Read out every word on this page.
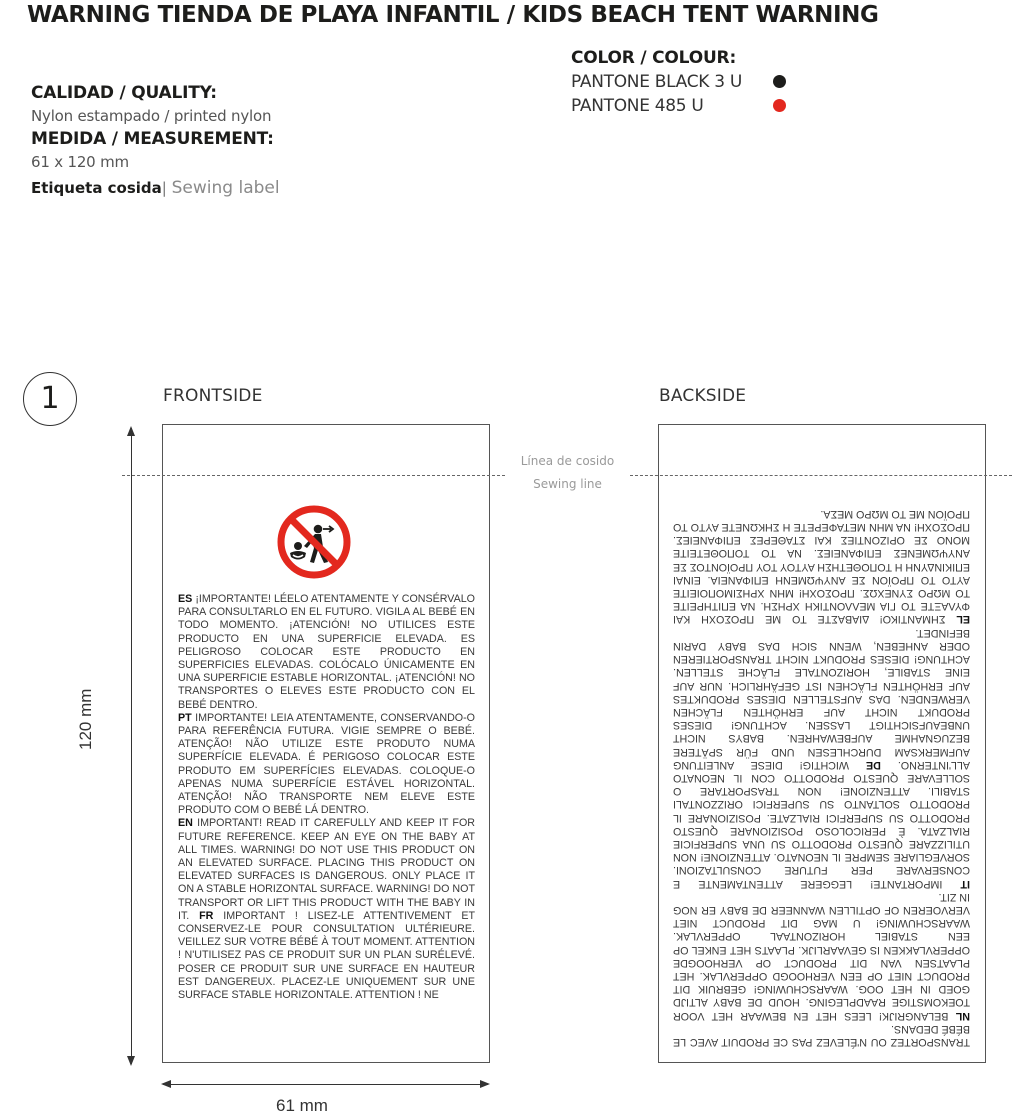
WARNING TIENDA DE PLAYA INFANTIL / KIDS BEACH TENT WARNING
CALIDAD / QUALITY:
Nylon estampado / printed nylon
MEDIDA / MEASUREMENT:
61 x 120 mm
Etiqueta cosida| Sewing label
COLOR / COLOUR:
PANTONE BLACK 3 U
PANTONE 485 U
1	FRONTSIDE	BACKSIDE
ES ¡IMPORTANTE! LÉELO ATENTAMENTE Y CONSÉRVALO PARA CONSULTARLO EN EL FUTURO. VIGILA AL BEBÉ EN TODO MOMENTO. ¡ATENCIÓN! NO UTILICES ESTE PRODUCTO EN UNA SUPERFICIE ELEVADA. ES PELIGROSO COLOCAR ESTE PRODUCTO EN SUPERFICIES ELEVADAS. COLÓCALO ÚNICAMENTE EN UNA SUPERFICIE ESTABLE HORIZONTAL. ¡ATENCIÓN! NO TRANSPORTES O ELEVES ESTE PRODUCTO CON EL BEBÉ DENTRO.
PT IMPORTANTE! LEIA ATENTAMENTE, CONSERVANDO-O PARA REFERÊNCIA FUTURA. VIGIE SEMPRE O BEBÉ. ATENÇÃO! NÃO UTILIZE ESTE PRODUTO NUMA SUPERFÍCIE ELEVADA. É PERIGOSO COLOCAR ESTE PRODUTO EM SUPERFÍCIES ELEVADAS. COLOQUE-O APENAS NUMA SUPERFÍCIE ESTÁVEL HORIZONTAL. ATENÇÃO! NÃO TRANSPORTE NEM ELEVE ESTE PRODUTO COM O BEBÉ LÁ DENTRO.
EN IMPORTANT! READ IT CAREFULLY AND KEEP IT FOR FUTURE REFERENCE. KEEP AN EYE ON THE BABY AT ALL TIMES. WARNING! DO NOT USE THIS PRODUCT ON AN ELEVATED SURFACE. PLACING THIS PRODUCT ON ELEVATED SURFACES IS DANGEROUS. ONLY PLACE IT ON A STABLE HORIZONTAL SURFACE. WARNING! DO NOT TRANSPORT OR LIFT THIS PRODUCT WITH THE BABY IN IT. FR IMPORTANT ! LISEZ-LE ATTENTIVEMENT ET CONSERVEZ-LE POUR CONSULTATION ULTÉRIEURE. VEILLEZ SUR VOTRE BÉBÉ À TOUT MOMENT. ATTENTION ! N'UTILISEZ PAS CE PRODUIT SUR UN PLAN SURÉLEVÉ. POSER CE PRODUIT SUR UNE SURFACE EN HAUTEUR EST DANGEREUX. PLACEZ-LE UNIQUEMENT SUR UNE SURFACE STABLE HORIZONTALE. ATTENTION ! NE
TRANSPORTEZ OU N'ÉLEVEZ PAS CE PRODUIT AVEC LE BÉBÉ DEDANS.
NL BELANGRIJK! LEES HET EN BEWAAR HET VOOR TOEKOMSTIGE RAADPLEGING. HOUD DE BABY ALTIJD GOED IN HET OOG. WAARSCHUWING! GEBRUIK DIT PRODUCT NIET OP EEN VERHOOGD OPPERVLAK. HET PLAATSEN VAN DIT PRODUCT OP VERHOOGDE OPPERVLAKKEN IS GEVAARLIJK. PLAATS HET ENKEL OP EEN STABIEL HORIZONTAAL OPPERVLAK. WAARSCHUWING! U MAG DIT PRODUCT NIET VERVOEREN OF OPTILLEN WANNEER DE BABY ER NOG IN ZIT.
IT IMPORTANTE! LEGGERE ATTENTAMENTE E CONSERVARE PER FUTURE CONSULTAZIONI. SORVEGLIARE SEMPRE IL NEONATO. ATTENZIONE! NON UTILIZZARE QUESTO PRODOTTO SU UNA SUPERFICIE RIALZATA. È PERICOLOSO POSIZIONARE QUESTO PRODOTTO SU SUPERFICI RIALZATE. POSIZIONARE IL PRODOTTO SOLTANTO SU SUPERFICI ORIZZONTALI STABILI. ATTENZIONE! NON TRASPORTARE O SOLLEVARE QUESTO PRODOTTO CON IL NEONATO ALL'INTERNO. DE WICHTIG! DIESE ANLEITUNG AUFMERKSAM DURCHLESEN UND FÜR SPÄTERE BEZUGNAHME AUFBEWAHREN. BABYS NICHT UNBEAUFSICHTIGT LASSEN. ACHTUNG! DIESES PRODUKT NICHT AUF ERHÖHTEN FLÄCHEN VERWENDEN. DAS AUFSTELLEN DIESES PRODUKTES AUF ERHÖHTEN FLÄCHEN IST GEFÄHRLICH. NUR AUF EINE STABILE, HORIZONTALE FLÄCHE STELLEN. ACHTUNG! DIESES PRODUKT NICHT TRANSPORTIEREN ODER ANHEBEN, WENN SICH DAS BABY DARIN BEFINDET.
EL ΣΗΜΑΝΤΙΚΟ! ΔΙΑΒΑΣΤΕ ΤΟ ΜΕ ΠΡΟΣΟΧΗ ΚΑΙ ΦΥΛΑΞΤΕ ΤΟ ΓΙΑ ΜΕΛΛΟΝΤΙΚΗ ΧΡΗΣΗ. ΝΑ ΕΠΙΤΗΡΕΙΤΕ ΤΟ ΜΩΡΟ ΣΥΝΕΧΩΣ. ΠΡΟΣΟΧΗ! ΜΗΝ ΧΡΗΣΙΜΟΠΟΙΕΙΤΕ ΑΥΤΟ ΤΟ ΠΡΟΪΟΝ ΣΕ ΑΝΥΨΩΜΕΝΗ ΕΠΙΦΑΝΕΙΑ. ΕΙΝΑΙ ΕΠΙΚΙΝΔΥΝΗ Η ΤΟΠΟΘΕΤΗΣΗ ΑΥΤΟΥ ΤΟΥ ΠΡΟΪΟΝΤΟΣ ΣΕ ΑΝΥΨΩΜΕΝΕΣ ΕΠΙΦΑΝΕΙΕΣ. ΝΑ ΤΟ ΤΟΠΟΘΕΤΕΙΤΕ ΜΟΝΟ ΣΕ ΟΡΙΖΟΝΤΙΕΣ ΚΑΙ ΣΤΑΘΕΡΕΣ ΕΠΙΦΑΝΕΙΕΣ. ΠΡΟΣΟΧΗ! ΝΑ ΜΗΝ ΜΕΤΑΦΕΡΕΤΕ Η ΣΗΚΩΝΕΤΕ ΑΥΤΟ ΤΟ ΠΡΟΪΟΝ ΜΕ ΤΟ ΜΩΡΟ ΜΕΣΑ.
Línea de cosido
Sewing line
120 mm
61 mm
